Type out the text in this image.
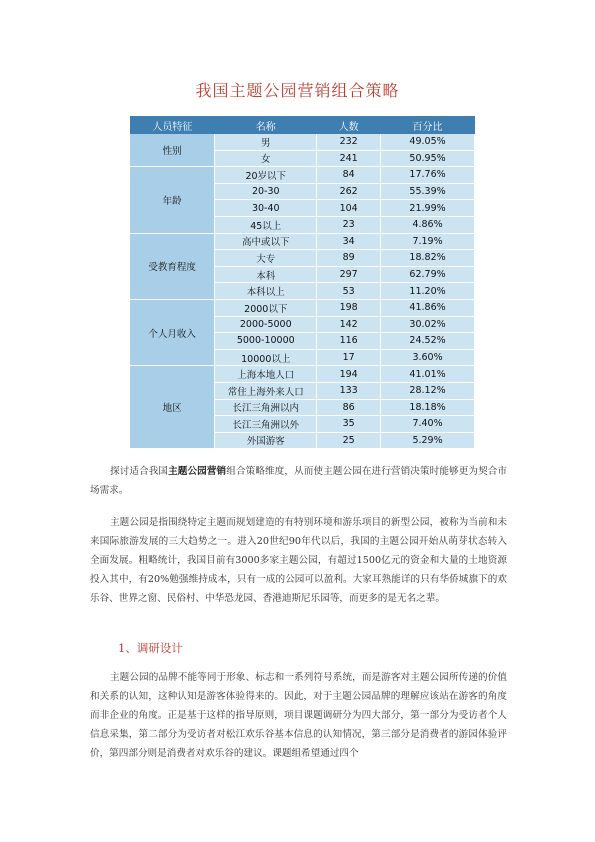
我国主题公园营销组合策略
人员特征	名称	人数	百分比
性别	男	232	49.05%
	女	241	50.95%
年龄	20岁以下	84	17.76%
	20-30	262	55.39%
	30-40	104	21.99%
	45以上	23	4.86%
受教育程度	高中或以下	34	7.19%
	大专	89	18.82%
	本科	297	62.79%
	本科以上	53	11.20%
个人月收入	2000以下	198	41.86%
	2000-5000	142	30.02%
	5000-10000	116	24.52%
	10000以上	17	3.60%
地区	上海本地人口	194	41.01%
	常住上海外来人口	133	28.12%
	长江三角洲以内	86	18.18%
	长江三角洲以外	35	7.40%
	外国游客	25	5.29%

探讨适合我国主题公园营销组合策略维度，从而使主题公园在进行营销决策时能够更为契合市场需求。

主题公园是指围绕特定主题而规划建造的有特别环境和游乐项目的新型公园，被称为当前和未来国际旅游发展的三大趋势之一。进入20世纪90年代以后，我国的主题公园开始从萌芽状态转入全面发展。粗略统计，我国目前有3000多家主题公园，有超过1500亿元的资金和大量的土地资源投入其中，有20%勉强维持成本，只有一成的公园可以盈利。大家耳熟能详的只有华侨城旗下的欢乐谷、世界之窗、民俗村、中华恐龙园、香港迪斯尼乐园等，而更多的是无名之辈。

1、调研设计

主题公园的品牌不能等同于形象、标志和一系列符号系统，而是游客对主题公园所传递的价值和关系的认知，这种认知是游客体验得来的。因此，对于主题公园品牌的理解应该站在游客的角度而非企业的角度。正是基于这样的指导原则，项目课题调研分为四大部分，第一部分为受访者个人信息采集，第二部分为受访者对松江欢乐谷基本信息的认知情况，第三部分是消费者的游园体验评价，第四部分则是消费者对欢乐谷的建议。课题组希望通过四个
